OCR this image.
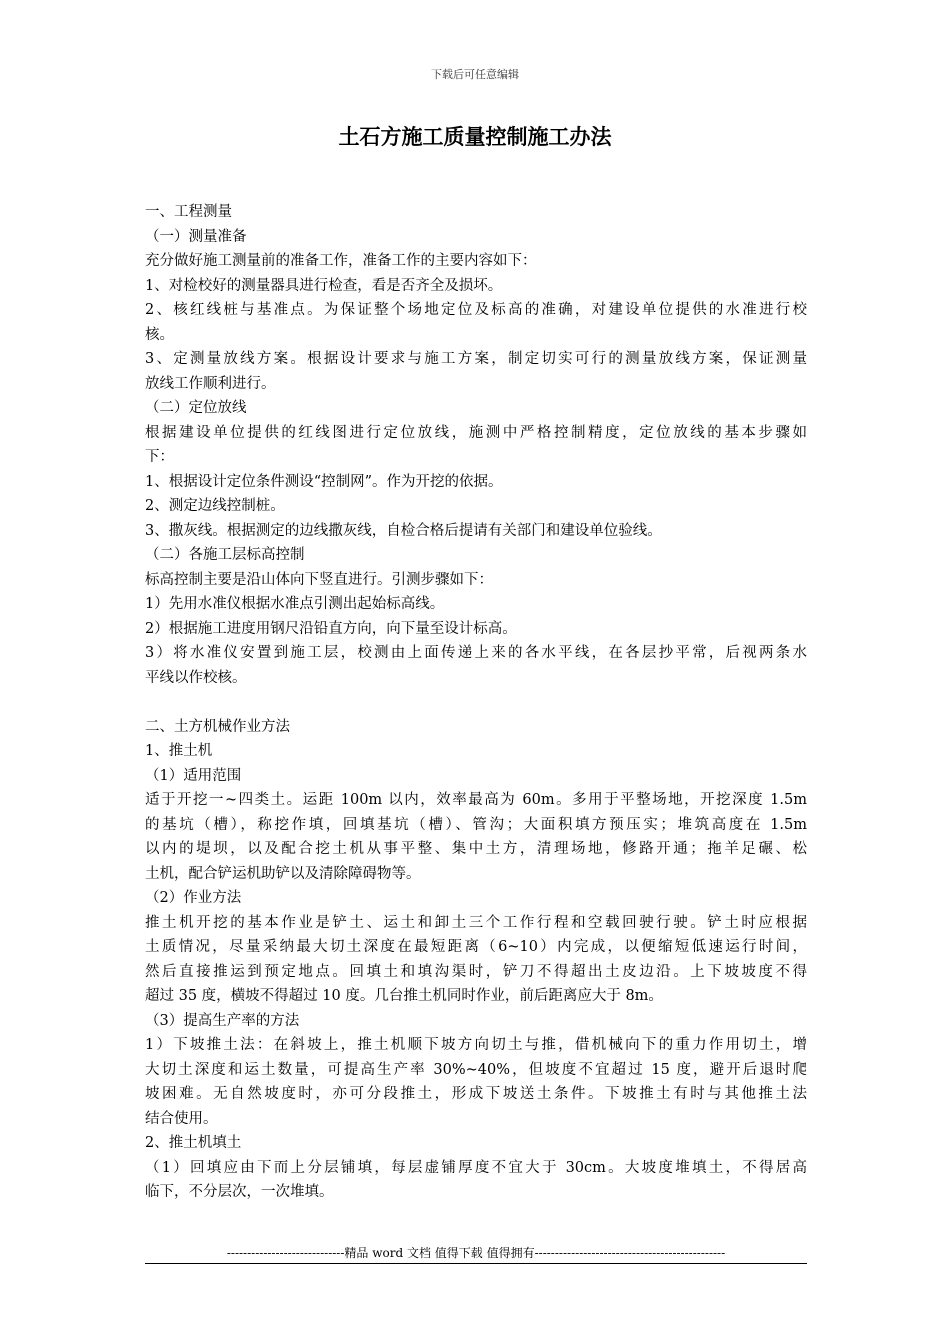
下载后可任意编辑
土石方施工质量控制施工办法
一、工程测量
（一）测量准备
充分做好施工测量前的准备工作，准备工作的主要内容如下：
1、对检校好的测量器具进行检查，看是否齐全及损坏。
2、核红线桩与基准点。为保证整个场地定位及标高的准确，对建设单位提供的水准进行校
核。
3、定测量放线方案。根据设计要求与施工方案，制定切实可行的测量放线方案，保证测量
放线工作顺利进行。
（二）定位放线
根据建设单位提供的红线图进行定位放线，施测中严格控制精度，定位放线的基本步骤如
下：
1、根据设计定位条件测设“控制网”。作为开挖的依据。
2、测定边线控制桩。
3、撒灰线。根据测定的边线撒灰线，自检合格后提请有关部门和建设单位验线。
（二）各施工层标高控制
标高控制主要是沿山体向下竖直进行。引测步骤如下：
1）先用水准仪根据水准点引测出起始标高线。
2）根据施工进度用钢尺沿铅直方向，向下量至设计标高。
3）将水准仪安置到施工层，校测由上面传递上来的各水平线，在各层抄平常，后视两条水
平线以作校核。
二、土方机械作业方法
1、推土机
（1）适用范围
适于开挖一~四类土。运距 100m 以内，效率最高为 60m。多用于平整场地，开挖深度 1.5m
的基坑（槽），称挖作填，回填基坑（槽）、管沟；大面积填方预压实；堆筑高度在 1.5m
以内的堤坝，以及配合挖土机从事平整、集中土方，清理场地，修路开通；拖羊足碾、松
土机，配合铲运机助铲以及清除障碍物等。
（2）作业方法
推土机开挖的基本作业是铲土、运土和卸土三个工作行程和空载回驶行驶。铲土时应根据
土质情况，尽量采纳最大切土深度在最短距离（6~10）内完成，以便缩短低速运行时间，
然后直接推运到预定地点。回填土和填沟渠时，铲刀不得超出土皮边沿。上下坡坡度不得
超过 35 度，横坡不得超过 10 度。几台推土机同时作业，前后距离应大于 8m。
（3）提高生产率的方法
1）下坡推土法：在斜坡上，推土机顺下坡方向切土与推，借机械向下的重力作用切土，增
大切土深度和运土数量，可提高生产率 30%~40%，但坡度不宜超过 15 度，避开后退时爬
坡困难。无自然坡度时，亦可分段推土，形成下坡送土条件。下坡推土有时与其他推土法
结合使用。
2、推土机填土
（1）回填应由下而上分层铺填，每层虚铺厚度不宜大于 30cm。大坡度堆填土，不得居高
临下，不分层次，一次堆填。
-----------------------------精品 word 文档 值得下载 值得拥有-----------------------------------------------
